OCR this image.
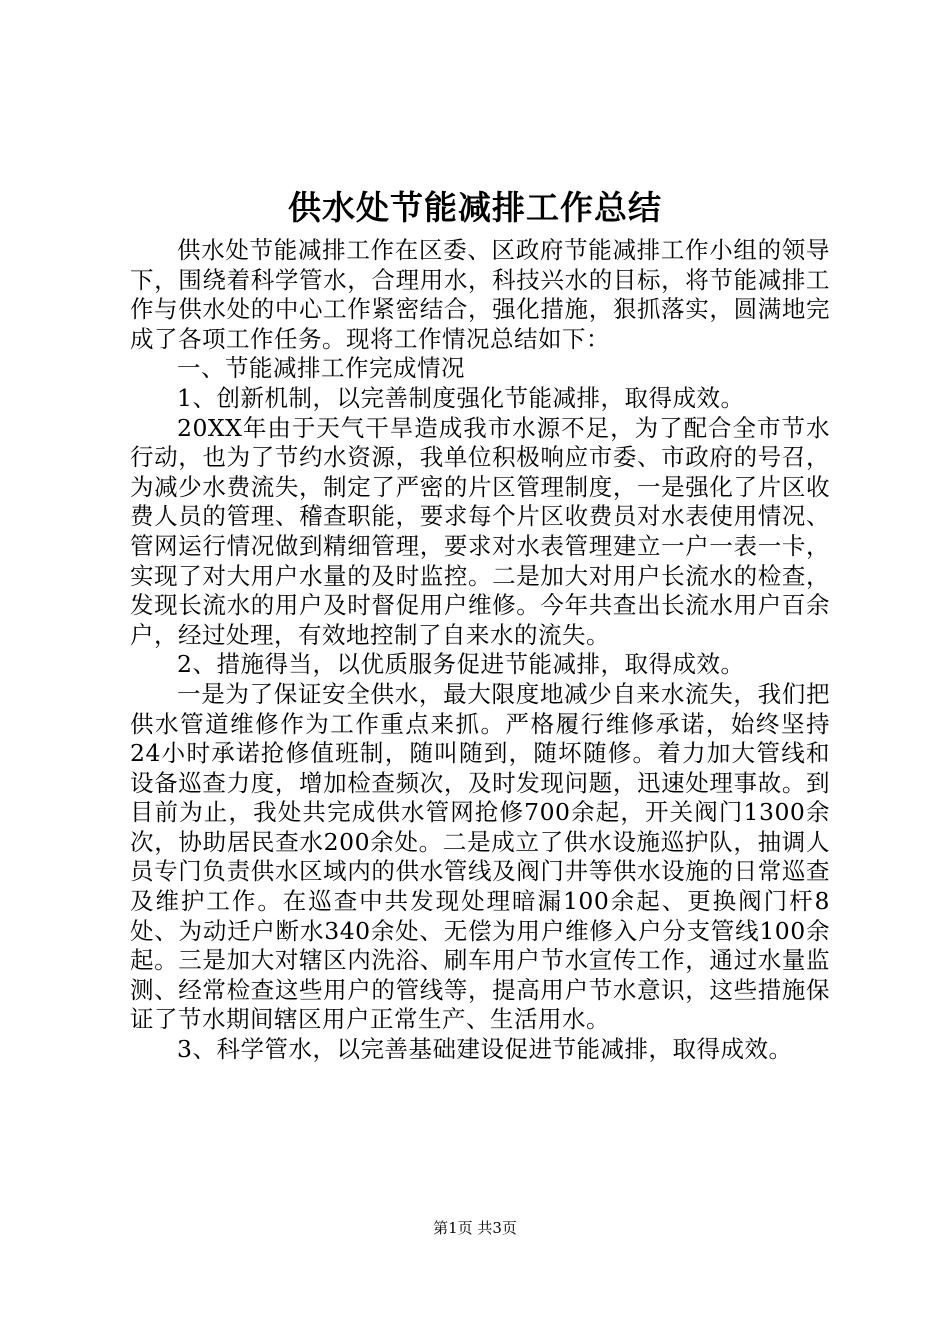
供水处节能减排工作总结

供水处节能减排工作在区委、区政府节能减排工作小组的领导下，围绕着科学管水，合理用水，科技兴水的目标，将节能减排工作与供水处的中心工作紧密结合，强化措施，狠抓落实，圆满地完成了各项工作任务。现将工作情况总结如下：

一、节能减排工作完成情况

1、创新机制，以完善制度强化节能减排，取得成效。

20XX年由于天气干旱造成我市水源不足，为了配合全市节水行动，也为了节约水资源，我单位积极响应市委、市政府的号召，为减少水费流失，制定了严密的片区管理制度，一是强化了片区收费人员的管理、稽查职能，要求每个片区收费员对水表使用情况、管网运行情况做到精细管理，要求对水表管理建立一户一表一卡，实现了对大用户水量的及时监控。二是加大对用户长流水的检查，发现长流水的用户及时督促用户维修。今年共查出长流水用户百余户，经过处理，有效地控制了自来水的流失。

2、措施得当，以优质服务促进节能减排，取得成效。

一是为了保证安全供水，最大限度地减少自来水流失，我们把供水管道维修作为工作重点来抓。严格履行维修承诺，始终坚持24小时承诺抢修值班制，随叫随到，随坏随修。着力加大管线和设备巡查力度，增加检查频次，及时发现问题，迅速处理事故。到目前为止，我处共完成供水管网抢修700余起，开关阀门1300余次，协助居民查水200余处。二是成立了供水设施巡护队，抽调人员专门负责供水区域内的供水管线及阀门井等供水设施的日常巡查及维护工作。在巡查中共发现处理暗漏100余起、更换阀门杆8处、为动迁户断水340余处、无偿为用户维修入户分支管线100余起。三是加大对辖区内洗浴、刷车用户节水宣传工作，通过水量监测、经常检查这些用户的管线等，提高用户节水意识，这些措施保证了节水期间辖区用户正常生产、生活用水。

3、科学管水，以完善基础建设促进节能减排，取得成效。

第1页 共3页
